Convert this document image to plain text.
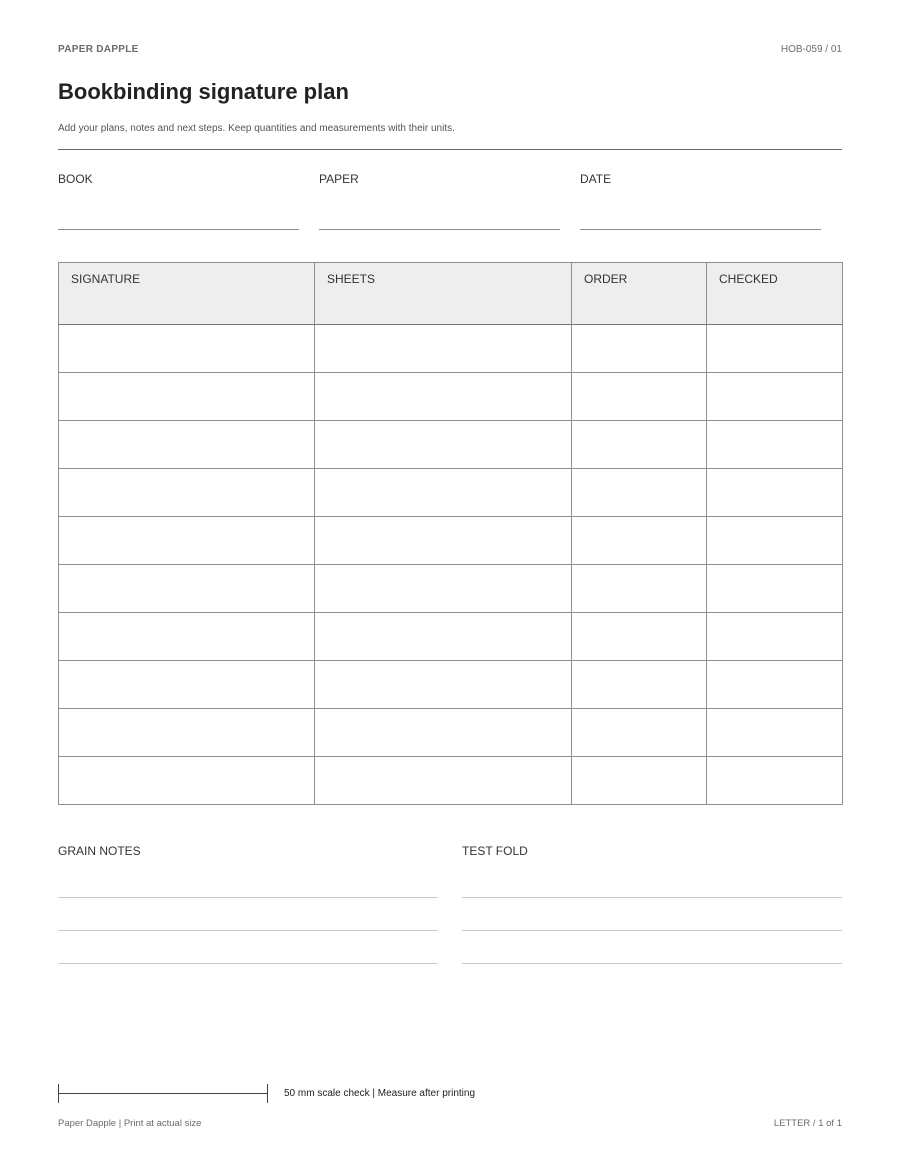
PAPER DAPPLE	HOB-059 / 01
Bookbinding signature plan
Add your plans, notes and next steps. Keep quantities and measurements with their units.
BOOK	PAPER	DATE
SIGNATURE	SHEETS	ORDER	CHECKED

GRAIN NOTES	TEST FOLD
50 mm scale check | Measure after printing
Paper Dapple | Print at actual size	LETTER / 1 of 1
